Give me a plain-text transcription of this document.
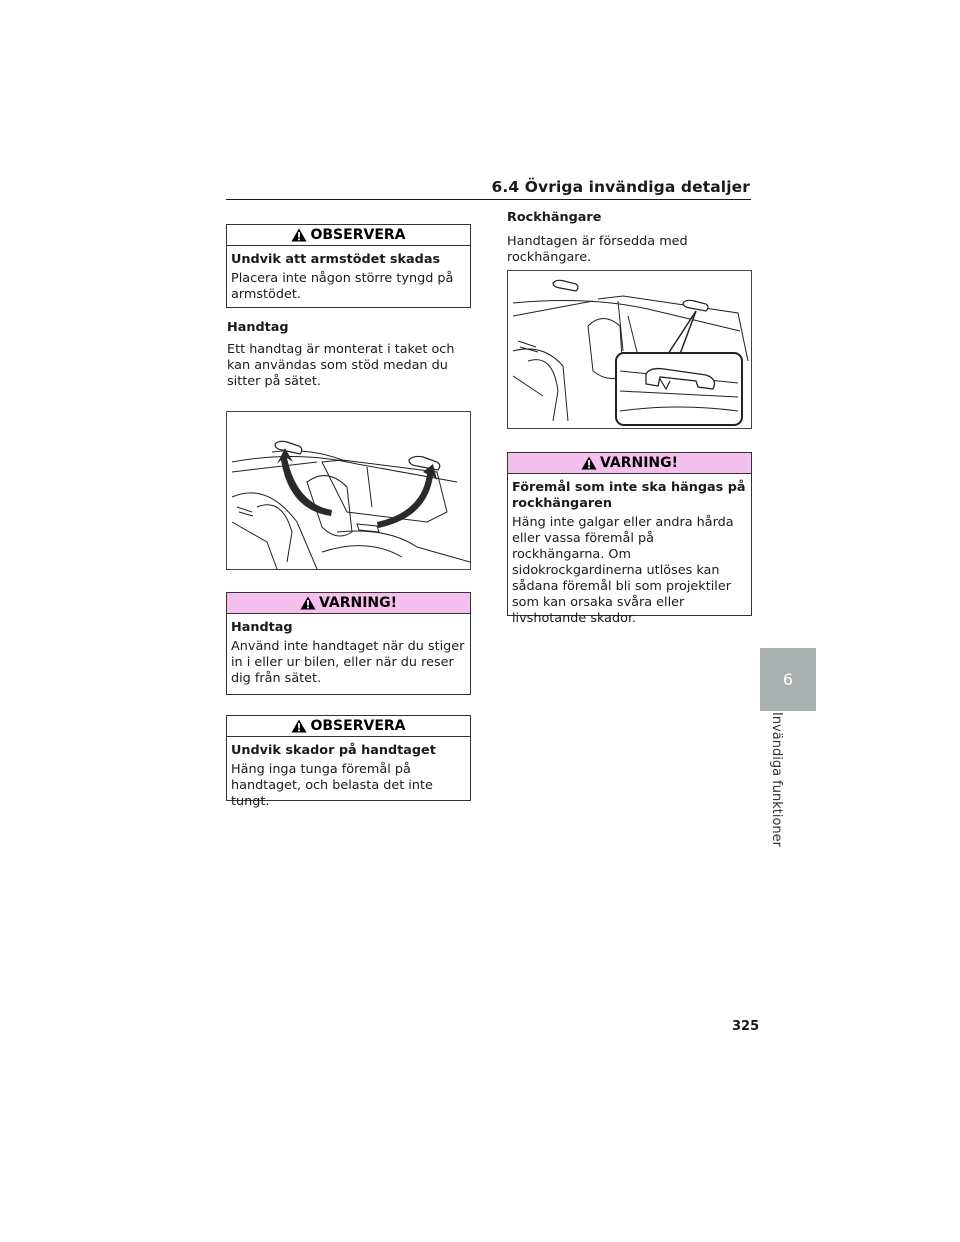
6.4 Övriga invändiga detaljer
OBSERVERA
Undvik att armstödet skadas
Placera inte någon större tyngd på armstödet.
Handtag
Ett handtag är monterat i taket och kan användas som stöd medan du sitter på sätet.
VARNING!
Handtag
Använd inte handtaget när du stiger in i eller ur bilen, eller när du reser dig från sätet.
OBSERVERA
Undvik skador på handtaget
Häng inga tunga föremål på handtaget, och belasta det inte tungt.
Rockhängare
Handtagen är försedda med rockhängare.
VARNING!
Föremål som inte ska hängas på rockhängaren
Häng inte galgar eller andra hårda eller vassa föremål på rockhängarna. Om sidokrockgardinerna utlöses kan sådana föremål bli som projektiler som kan orsaka svåra eller livshotande skador.
6
Invändiga funktioner
325
